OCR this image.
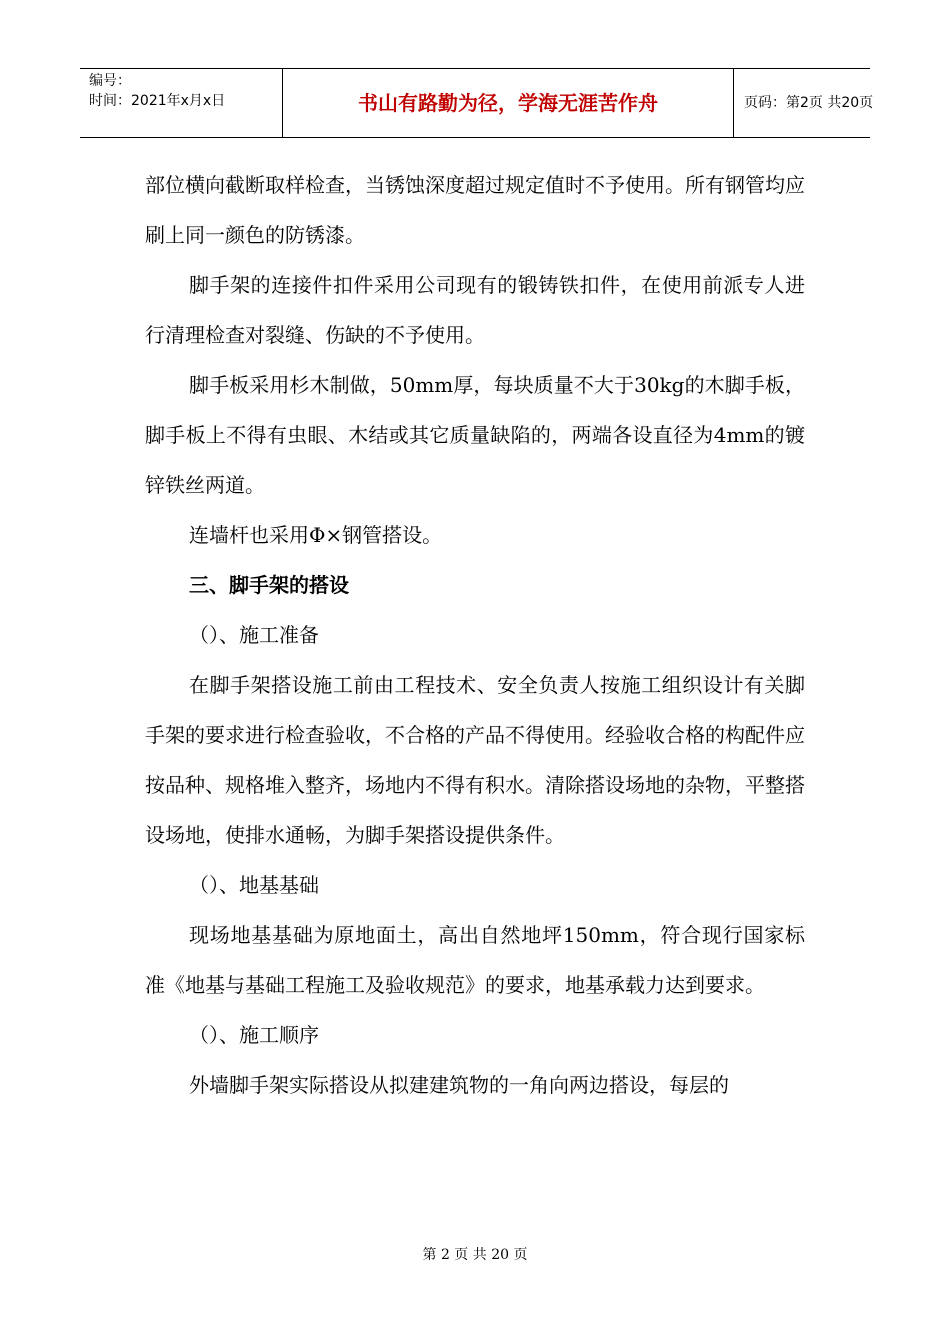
编号：
时间：2021年x月x日	书山有路勤为径，学海无涯苦作舟	页码：第2页 共20页

部位横向截断取样检查，当锈蚀深度超过规定值时不予使用。所有钢管均应刷上同一颜色的防锈漆。

脚手架的连接件扣件采用公司现有的锻铸铁扣件，在使用前派专人进行清理检查对裂缝、伤缺的不予使用。

脚手板采用杉木制做，50mm厚，每块质量不大于30kg的木脚手板，脚手板上不得有虫眼、木结或其它质量缺陷的，两端各设直径为4mm的镀锌铁丝两道。

连墙杆也采用Φ×钢管搭设。

三、脚手架的搭设

（）、施工准备

在脚手架搭设施工前由工程技术、安全负责人按施工组织设计有关脚手架的要求进行检查验收，不合格的产品不得使用。经验收合格的构配件应按品种、规格堆入整齐，场地内不得有积水。清除搭设场地的杂物，平整搭设场地，使排水通畅，为脚手架搭设提供条件。

（）、地基基础

现场地基基础为原地面土，高出自然地坪150mm，符合现行国家标准《地基与基础工程施工及验收规范》的要求，地基承载力达到要求。

（）、施工顺序

外墙脚手架实际搭设从拟建建筑物的一角向两边搭设，每层的

第 2 页 共 20 页
